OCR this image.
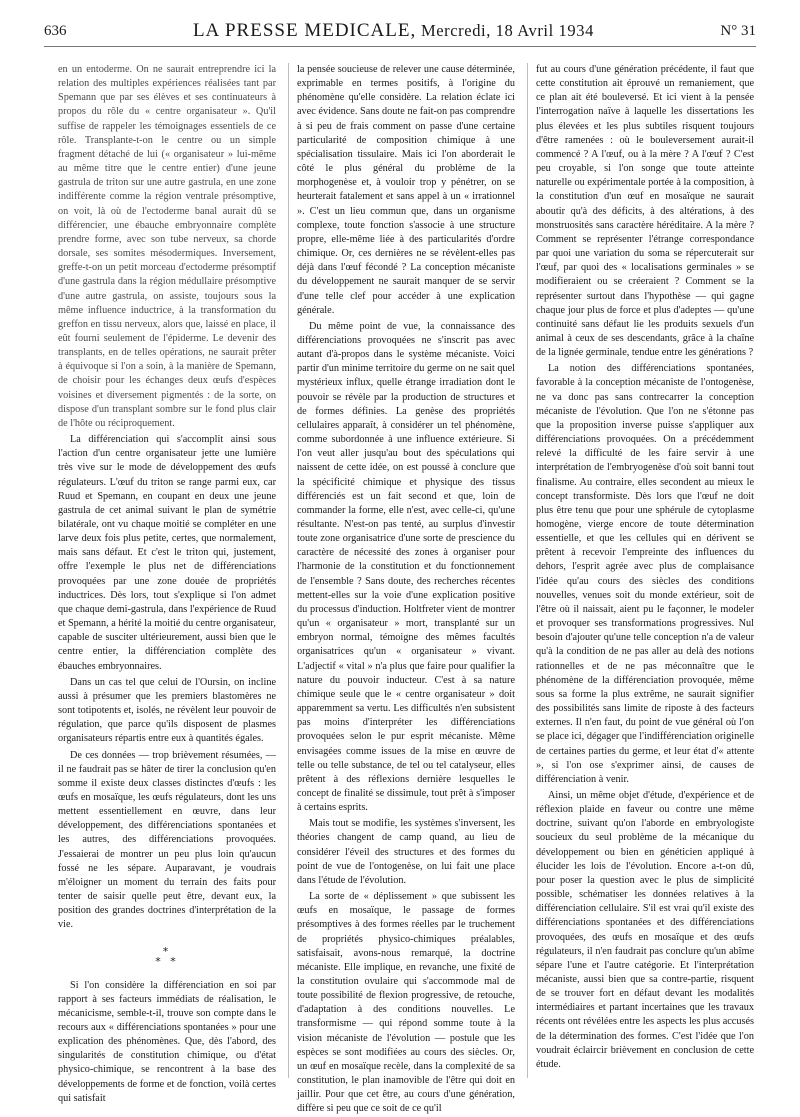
636	LA PRESSE MEDICALE, Mercredi, 18 Avril 1934	N° 31

en un entoderme. On ne saurait entreprendre ici la relation des multiples expériences réalisées tant par Spemann que par ses élèves et ses continuateurs à propos du rôle du « centre organisateur ». Qu'il suffise de rappeler les témoignages essentiels de ce rôle. Transplante-t-on le centre ou un simple fragment détaché de lui (« organisateur » lui-même au même titre que le centre entier) d'une jeune gastrula de triton sur une autre gastrula, en une zone indifférente comme la région ventrale présomptive, on voit, là où de l'ectoderme banal aurait dû se différencier, une ébauche embryonnaire complète prendre forme, avec son tube nerveux, sa chorde dorsale, ses somites mésodermiques. Inversement, greffe-t-on un petit morceau d'ectoderme présomptif d'une gastrula dans la région médullaire présomptive d'une autre gastrula, on assiste, toujours sous la même influence inductrice, à la transformation du greffon en tissu nerveux, alors que, laissé en place, il eût fourni seulement de l'épiderme. Le devenir des transplants, en de telles opérations, ne saurait prêter à équivoque si l'on a soin, à la manière de Spemann, de choisir pour les échanges deux œufs d'espèces voisines et diversement pigmentés : de la sorte, on dispose d'un transplant sombre sur le fond plus clair de l'hôte ou réciproquement.

La différenciation qui s'accomplit ainsi sous l'action d'un centre organisateur jette une lumière très vive sur le mode de développement des œufs régulateurs. L'œuf du triton se range parmi eux, car Ruud et Spemann, en coupant en deux une jeune gastrula de cet animal suivant le plan de symétrie bilatérale, ont vu chaque moitié se compléter en une larve deux fois plus petite, certes, que normalement, mais sans défaut. Et c'est le triton qui, justement, offre l'exemple le plus net de différenciations provoquées par une zone douée de propriétés inductrices. Dès lors, tout s'explique si l'on admet que chaque demi-gastrula, dans l'expérience de Ruud et Spemann, a hérité la moitié du centre organisateur, capable de susciter ultérieurement, aussi bien que le centre entier, la différenciation complète des ébauches embryonnaires.

Dans un cas tel que celui de l'Oursin, on incline aussi à présumer que les premiers blastomères ne sont totipotents et, isolés, ne révèlent leur pouvoir de régulation, que parce qu'ils disposent de plasmes organisateurs répartis entre eux à quantités égales.

De ces données — trop brièvement résumées, — il ne faudrait pas se hâter de tirer la conclusion qu'en somme il existe deux classes distinctes d'œufs : les œufs en mosaïque, les œufs régulateurs, dont les uns mettent essentiellement en œuvre, dans leur développement, des différenciations spontanées et les autres, des différenciations provoquées. J'essaierai de montrer un peu plus loin qu'aucun fossé ne les sépare. Auparavant, je voudrais m'éloigner un moment du terrain des faits pour tenter de saisir quelle peut être, devant eux, la position des grandes doctrines d'interprétation de la vie.

*
* *

Si l'on considère la différenciation en soi par rapport à ses facteurs immédiats de réalisation, le mécanicisme, semble-t-il, trouve son compte dans le recours aux « différenciations spontanées » pour une explication des phénomènes. Que, dès l'abord, des singularités de constitution chimique, ou d'état physico-chimique, se rencontrent à la base des développements de forme et de fonction, voilà certes qui satisfait

la pensée soucieuse de relever une cause déterminée, exprimable en termes positifs, à l'origine du phénomène qu'elle considère. La relation éclate ici avec évidence. Sans doute ne fait-on pas comprendre à si peu de frais comment on passe d'une certaine particularité de composition chimique à une spécialisation tissulaire. Mais ici l'on aborderait le côté le plus général du problème de la morphogenèse et, à vouloir trop y pénétrer, on se heurterait fatalement et sans appel à un « irrationnel ». C'est un lieu commun que, dans un organisme complexe, toute fonction s'associe à une structure propre, elle-même liée à des particularités d'ordre chimique. Or, ces dernières ne se révèlent-elles pas déjà dans l'œuf fécondé ? La conception mécaniste du développement ne saurait manquer de se servir d'une telle clef pour accéder à une explication générale.

Du même point de vue, la connaissance des différenciations provoquées ne s'inscrit pas avec autant d'à-propos dans le système mécaniste. Voici partir d'un minime territoire du germe on ne sait quel mystérieux influx, quelle étrange irradiation dont le pouvoir se révèle par la production de structures et de formes définies. La genèse des propriétés cellulaires apparaît, à considérer un tel phénomène, comme subordonnée à une influence extérieure. Si l'on veut aller jusqu'au bout des spéculations qui naissent de cette idée, on est poussé à conclure que la spécificité chimique et physique des tissus différenciés est un fait second et que, loin de commander la forme, elle n'est, avec celle-ci, qu'une résultante. N'est-on pas tenté, au surplus d'investir toute zone organisatrice d'une sorte de prescience du caractère de nécessité des zones à organiser pour l'harmonie de la constitution et du fonctionnement de l'ensemble ? Sans doute, des recherches récentes mettent-elles sur la voie d'une explication positive du processus d'induction. Holtfreter vient de montrer qu'un « organisateur » mort, transplanté sur un embryon normal, témoigne des mêmes facultés organisatrices qu'un « organisateur » vivant. L'adjectif « vital » n'a plus que faire pour qualifier la nature du pouvoir inducteur. C'est à sa nature chimique seule que le « centre organisateur » doit apparemment sa vertu. Les difficultés n'en subsistent pas moins d'interpréter les différenciations provoquées selon le pur esprit mécaniste. Même envisagées comme issues de la mise en œuvre de telle ou telle substance, de tel ou tel catalyseur, elles prêtent à des réflexions dernière lesquelles le concept de finalité se dissimule, tout prêt à s'imposer à certains esprits.

Mais tout se modifie, les systèmes s'inversent, les théories changent de camp quand, au lieu de considérer l'éveil des structures et des formes du point de vue de l'ontogenèse, on lui fait une place dans l'étude de l'évolution.

La sorte de « déplissement » que subissent les œufs en mosaïque, le passage de formes présomptives à des formes réelles par le truchement de propriétés physico-chimiques préalables, satisfaisait, avons-nous remarqué, la doctrine mécaniste. Elle implique, en revanche, une fixité de la constitution ovulaire qui s'accommode mal de toute possibilité de flexion progressive, de retouche, d'adaptation à des conditions nouvelles. Le transformisme — qui répond somme toute à la vision mécaniste de l'évolution — postule que les espèces se sont modifiées au cours des siècles. Or, un œuf en mosaïque recèle, dans la complexité de sa constitution, le plan inamovible de l'être qui doit en jaillir. Pour que cet être, au cours d'une génération, diffère si peu que ce soit de ce qu'il

fut au cours d'une génération précédente, il faut que cette constitution ait éprouvé un remaniement, que ce plan ait été bouleversé. Et ici vient à la pensée l'interrogation naïve à laquelle les dissertations les plus élevées et les plus subtiles risquent toujours d'être ramenées : où le bouleversement aurait-il commencé ? A l'œuf, ou à la mère ? A l'œuf ? C'est peu croyable, si l'on songe que toute atteinte naturelle ou expérimentale portée à la composition, à la constitution d'un œuf en mosaïque ne saurait aboutir qu'à des déficits, à des altérations, à des monstruosités sans caractère héréditaire. A la mère ? Comment se représenter l'étrange correspondance par quoi une variation du soma se répercuterait sur l'œuf, par quoi des « localisations germinales » se modifieraient ou se créeraient ? Comment se la représenter surtout dans l'hypothèse — qui gagne chaque jour plus de force et plus d'adeptes — qu'une continuité sans défaut lie les produits sexuels d'un animal à ceux de ses descendants, grâce à la chaîne de la lignée germinale, tendue entre les générations ?

La notion des différenciations spontanées, favorable à la conception mécaniste de l'ontogenèse, ne va donc pas sans contrecarrer la conception mécaniste de l'évolution. Que l'on ne s'étonne pas que la proposition inverse puisse s'appliquer aux différenciations provoquées. On a précédemment relevé la difficulté de les faire servir à une interprétation de l'embryogenèse d'où soit banni tout finalisme. Au contraire, elles secondent au mieux le concept transformiste. Dès lors que l'œuf ne doit plus être tenu que pour une sphérule de cytoplasme homogène, vierge encore de toute détermination essentielle, et que les cellules qui en dérivent se prêtent à recevoir l'empreinte des influences du dehors, l'esprit agrée avec plus de complaisance l'idée qu'au cours des siècles des conditions nouvelles, venues soit du monde extérieur, soit de l'être où il naissait, aient pu le façonner, le modeler et provoquer ses transformations progressives. Nul besoin d'ajouter qu'une telle conception n'a de valeur qu'à la condition de ne pas aller au delà des notions rationnelles et de ne pas méconnaître que le phénomène de la différenciation provoquée, même sous sa forme la plus extrême, ne saurait signifier des possibilités sans limite de riposte à des facteurs externes. Il n'en faut, du point de vue général où l'on se place ici, dégager que l'indifférenciation originelle de certaines parties du germe, et leur état d'« attente », si l'on ose s'exprimer ainsi, de causes de différenciation à venir.

Ainsi, un même objet d'étude, d'expérience et de réflexion plaide en faveur ou contre une même doctrine, suivant qu'on l'aborde en embryologiste soucieux du seul problème de la mécanique du développement ou bien en généticien appliqué à élucider les lois de l'évolution. Encore a-t-on dû, pour poser la question avec le plus de simplicité possible, schématiser les données relatives à la différenciation cellulaire. S'il est vrai qu'il existe des différenciations spontanées et des différenciations provoquées, des œufs en mosaïque et des œufs régulateurs, il n'en faudrait pas conclure qu'un abîme sépare l'une et l'autre catégorie. Et l'interprétation mécaniste, aussi bien que sa contre-partie, risquent de se trouver fort en défaut devant les modalités intermédiaires et partant incertaines que les travaux récents ont révélées entre les aspects les plus accusés de la détermination des formes. C'est l'idée que l'on voudrait éclaircir brièvement en conclusion de cette étude.
